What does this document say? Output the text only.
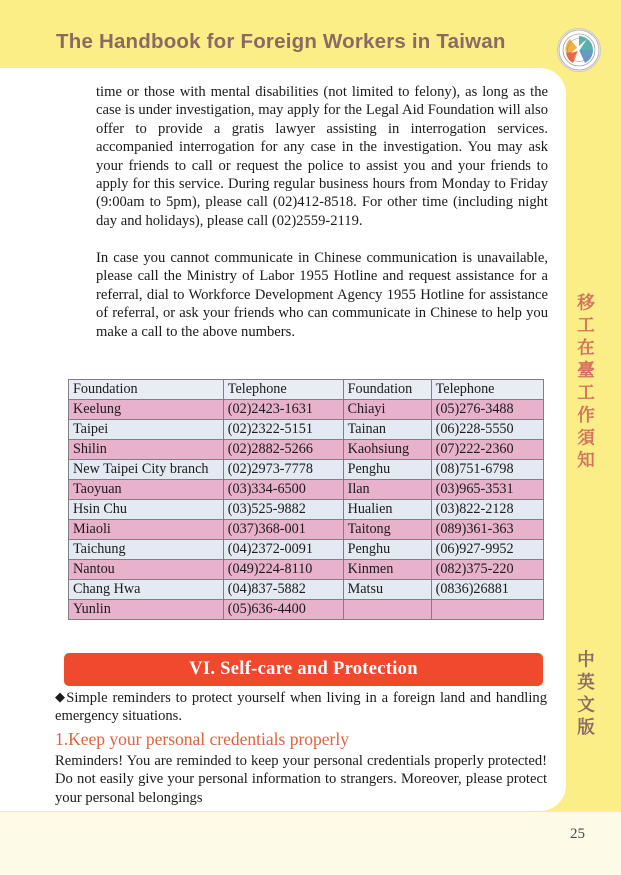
The Handbook for Foreign Workers in Taiwan
移工在臺工作須知
中英文版
25
time or those with mental disabilities (not limited to felony), as long as the case is under investigation, may apply for the Legal Aid Foundation will also offer to provide a gratis lawyer assisting in interrogation services. accompanied interrogation for any case in the investigation. You may ask your friends to call or request the police to assist you and your friends to apply for this service. During regular business hours from Monday to Friday (9:00am to 5pm), please call (02)412-8518. For other time (including night day and holidays), please call (02)2559-2119.
In case you cannot communicate in Chinese communication is unavailable, please call the Ministry of Labor 1955 Hotline and request assistance for a referral, dial to Workforce Development Agency 1955 Hotline for assistance of referral, or ask your friends who can communicate in Chinese to help you make a call to the above numbers.
Foundation	Telephone	Foundation	Telephone
Keelung	(02)2423-1631	Chiayi	(05)276-3488
Taipei	(02)2322-5151	Tainan	(06)228-5550
Shilin	(02)2882-5266	Kaohsiung	(07)222-2360
New Taipei City branch	(02)2973-7778	Penghu	(08)751-6798
Taoyuan	(03)334-6500	Ilan	(03)965-3531
Hsin Chu	(03)525-9882	Hualien	(03)822-2128
Miaoli	(037)368-001	Taitong	(089)361-363
Taichung	(04)2372-0091	Penghu	(06)927-9952
Nantou	(049)224-8110	Kinmen	(082)375-220
Chang Hwa	(04)837-5882	Matsu	(0836)26881
Yunlin	(05)636-4400		
VI. Self-care and Protection
◆Simple reminders to protect yourself when living in a foreign land and handling emergency situations.
1.Keep your personal credentials properly
Reminders! You are reminded to keep your personal credentials properly protected! Do not easily give your personal information to strangers. Moreover, please protect your personal belongings
